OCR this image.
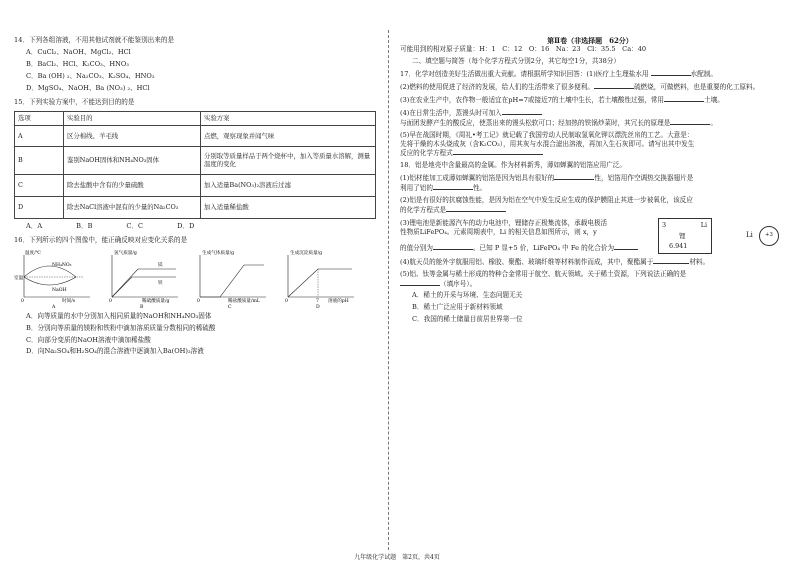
14．下列各组溶液，不用其他试剂就不能鉴别出来的是
A．CuCl₂、NaOH、MgCl₂、HCl
B．BaCl₂、HCl、K₂CO₃、HNO₃
C．Ba (OH) ₂、Na₂CO₃、K₂SO₄、HNO₃
D．MgSO₄、NaOH、Ba (NO₃) ₂、HCl
15．下列实验方案中，不能达到目的的是
选项	实验目的	实验方案
A	区分棉线、羊毛线	点燃，观察现象并闻气味
B	鉴别NaOH固体和NH₄NO₃固体	分别取等质量样品于两个烧杯中，加入等质量水溶解，测量温度的变化
C	除去盐酸中含有的少量硫酸	加入适量Ba(NO₃)₂溶液后过滤
D	除去NaCl溶液中混有的少量的Na₂CO₃	加入适量稀盐酸
A．A	B．B	C．C	D．D
16．下列所示的四个图像中，能正确反映对应变化关系的是
温度/℃
NH₄NO₃
NaOH
室温
0	时间/s
A
氢气质量/g
镁
铁
0	稀硫酸质量/g
B
生成气体质量/g
0	稀盐酸质量/mL
C
生成沉淀质量/g
0	7 溶液的pH
D
A．向等质量的水中分别加入相同质量的NaOH和NH₄NO₃固体
B．分别向等质量的镁粉和铁粉中滴加溶质质量分数相同的稀硫酸
C．向部分变质的NaOH溶液中滴加稀盐酸
D．向Na₂SO₄和H₂SO₄的混合溶液中逐滴加入Ba(OH)₂溶液
第Ⅱ卷（非选择题　62分）
可能用到的相对原子质量：H：1　C：12　O：16　Na：23　Cl：35.5　Ca：40
二、填空题与简答（每个化学方程式分别2分，其它每空1分，共38分）
17．化学对创造美好生活做出重大贡献。请根据所学知识回答：(1)医疗上生理盐水用	水配制。
(2)燃料的使用促进了经济的发展，给人们的生活带来了很多便利。	硫燃烧，可做燃料，也是重要的化工原料。
(3)在农业生产中，农作物一般适宜在pH=7或接近7的土壤中生长，若土壤酸性过强，常用	土壤。
(4)在日常生活中，蒸馒头时可加入
与面团发酵产生的酸反应，使蒸出来的馒头松软可口；经加热的铁锅炒菜时，其冗长的原理是	。
(5)早在战国时期，《周礼•考工记》就记载了我国劳动人民制取氢氧化钾以漂洗丝帛的工艺。大意是：
先将干燥的木头烧成灰（含K₂CO₃），用其灰与水混合滤出溶液，再加入生石灰即可。请写出其中发生
反应的化学方程式
18．铝是地壳中含量最高的金属。作为材料新秀，薄如蝉翼的铝箔应用广泛。
(1)铝材能加工成薄如蝉翼的铝箔是因为铝具有很好的	性，铝箔用作空调热交换器翅片是
利用了铝的	性。
(2)铝是有很好的抗腐蚀性能，是因为铝在空气中发生反应生成的保护膜阻止其进一步被氧化，该反应
的化学方程式是
(3)锂电池是新能源汽车的动力电池中，锂储存正极集流体，承载电极活
性物质LiFePO₄。元素周期表中，Li 的相关信息如图所示，则 x，y
的值分别为	。已知 P 显+5 价，LiFePO₄ 中 Fe 的化合价为
3	Li
锂
6.941
Li +3
(4)航天员的舱外宇航服用铝、橡胶、聚酯、玻璃纤维等材料制作而成，其中，聚酯属于	材料。
(5)铝、钛等金属与稀土形成的特种合金常用于航空、航天领域。关于稀土资源，下列说法正确的是
（填序号）。
A．稀土的开采与环境、生态问题无关
B．稀土广泛应用于新材料领域
C．我国的稀土储量目前居世界第一位
九年级化学试题　第2页，共4页
